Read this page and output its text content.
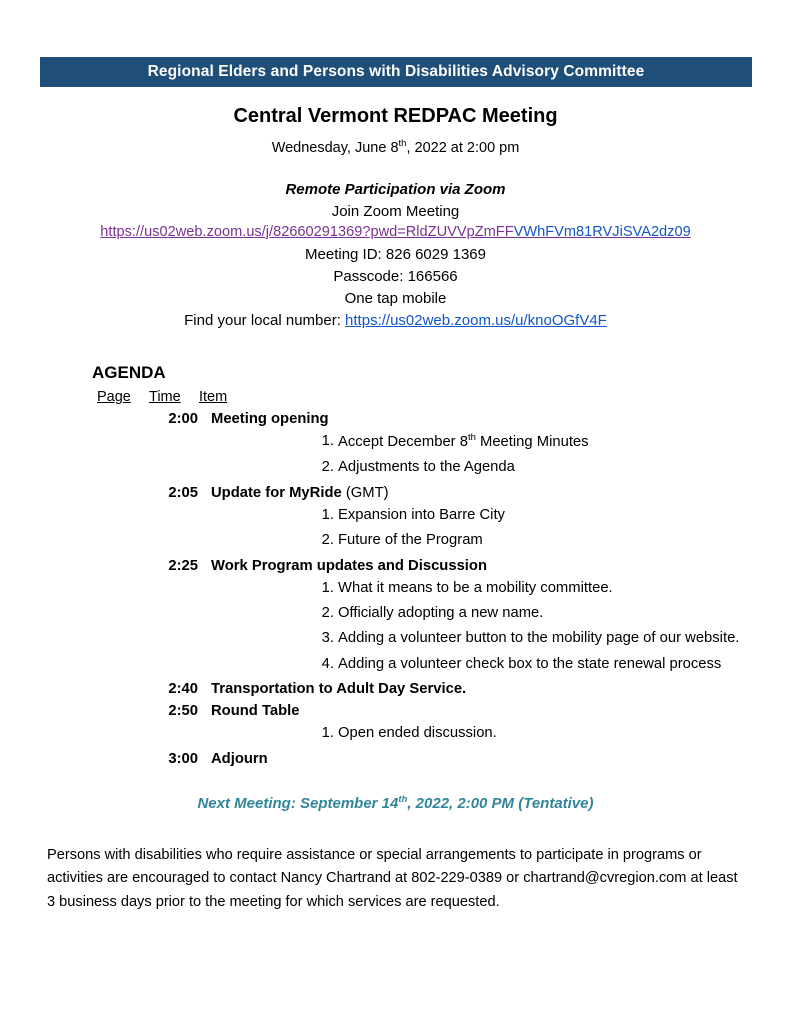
Regional Elders and Persons with Disabilities Advisory Committee
Central Vermont REDPAC Meeting
Wednesday, June 8th, 2022 at 2:00 pm
Remote Participation via Zoom
Join Zoom Meeting
https://us02web.zoom.us/j/82660291369?pwd=RldZUVVpZmFFVWhFVm81RVJiSVA2dz09
Meeting ID: 826 6029 1369
Passcode: 166566
One tap mobile
Find your local number: https://us02web.zoom.us/u/knoOGfV4F
AGENDA
Page Time Item
2:00 Meeting opening
1. Accept December 8th Meeting Minutes
2. Adjustments to the Agenda
2:05 Update for MyRide (GMT)
1. Expansion into Barre City
2. Future of the Program
2:25 Work Program updates and Discussion
1. What it means to be a mobility committee.
2. Officially adopting a new name.
3. Adding a volunteer button to the mobility page of our website.
4. Adding a volunteer check box to the state renewal process
2:40 Transportation to Adult Day Service.
2:50 Round Table
1. Open ended discussion.
3:00 Adjourn
Next Meeting: September 14th, 2022, 2:00 PM (Tentative)
Persons with disabilities who require assistance or special arrangements to participate in programs or activities are encouraged to contact Nancy Chartrand at 802-229-0389 or chartrand@cvregion.com at least 3 business days prior to the meeting for which services are requested.
